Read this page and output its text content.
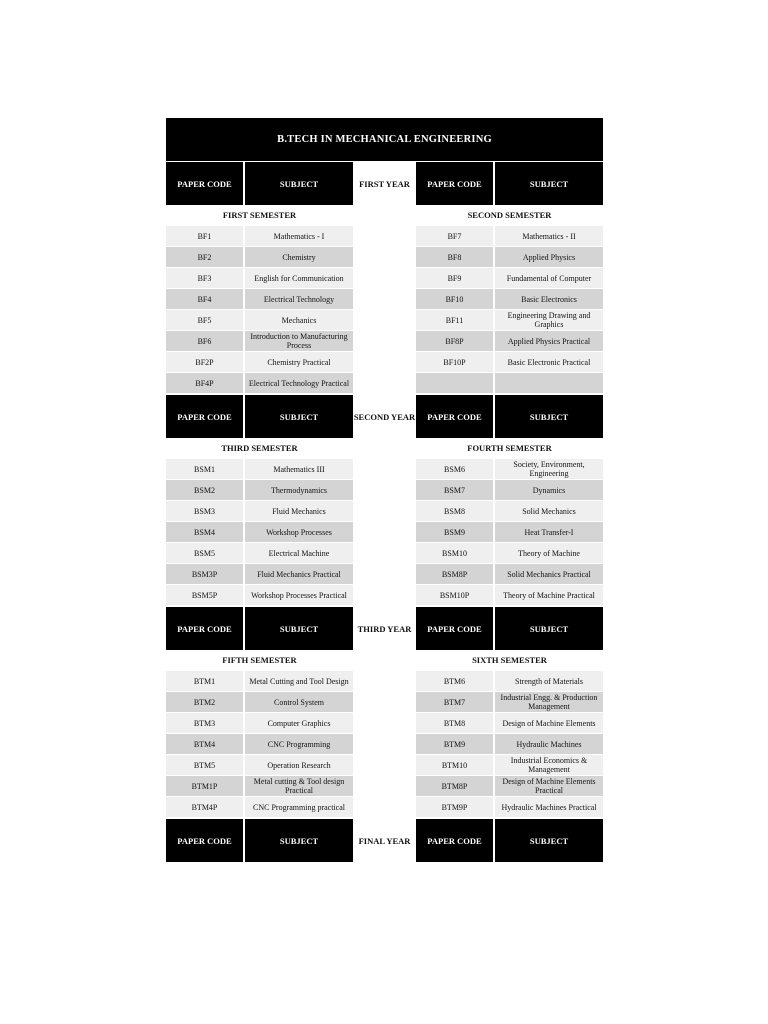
B.TECH IN MECHANICAL ENGINEERING
PAPER CODE	SUBJECT	FIRST YEAR	PAPER CODE	SUBJECT
FIRST SEMESTER	SECOND SEMESTER
BF1	Mathematics - I	BF7	Mathematics - II
BF2	Chemistry	BF8	Applied Physics
BF3	English for Communication	BF9	Fundamental of Computer
BF4	Electrical Technology	BF10	Basic Electronics
BF5	Mechanics	BF11	Engineering Drawing and Graphics
BF6	Introduction to Manufacturing Process	BF8P	Applied Physics Practical
BF2P	Chemistry Practical	BF10P	Basic Electronic Practical
BF4P	Electrical Technology Practical
PAPER CODE	SUBJECT	SECOND YEAR	PAPER CODE	SUBJECT
THIRD SEMESTER	FOURTH SEMESTER
BSM1	Mathematics III	BSM6	Society, Environment, Engineering
BSM2	Thermodynamics	BSM7	Dynamics
BSM3	Fluid Mechanics	BSM8	Solid Mechanics
BSM4	Workshop Processes	BSM9	Heat Transfer-I
BSM5	Electrical Machine	BSM10	Theory of Machine
BSM3P	Fluid Mechanics Practical	BSM8P	Solid Mechanics Practical
BSM5P	Workshop Processes Practical	BSM10P	Theory of Machine Practical
PAPER CODE	SUBJECT	THIRD YEAR	PAPER CODE	SUBJECT
FIFTH SEMESTER	SIXTH SEMESTER
BTM1	Metal Cutting and Tool Design	BTM6	Strength of Materials
BTM2	Control System	BTM7	Industrial Engg. & Production Management
BTM3	Computer Graphics	BTM8	Design of Machine Elements
BTM4	CNC Programming	BTM9	Hydraulic Machines
BTM5	Operation Research	BTM10	Industrial Economics & Management
BTM1P	Metal cutting & Tool design Practical	BTM8P	Design of Machine Elements Practical
BTM4P	CNC Programming practical	BTM9P	Hydraulic Machines Practical
PAPER CODE	SUBJECT	FINAL YEAR	PAPER CODE	SUBJECT
